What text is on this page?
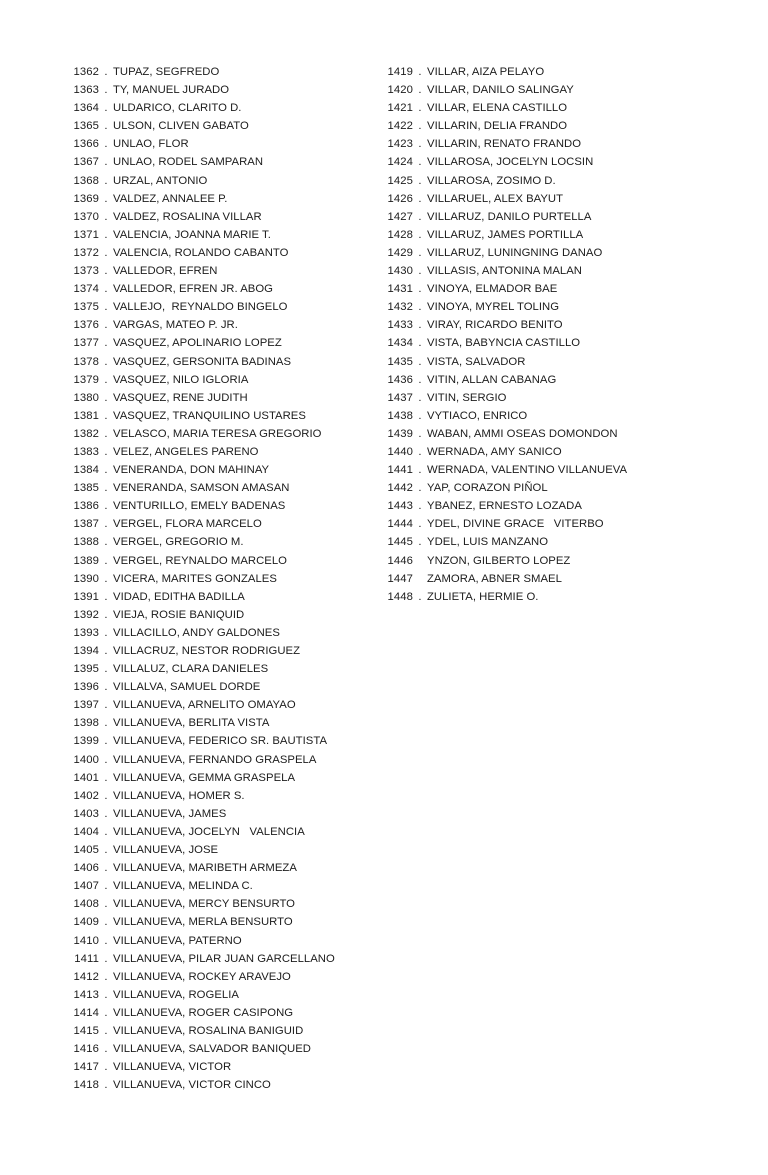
1362 . TUPAZ, SEGFREDO
1363 . TY, MANUEL JURADO
1364 . ULDARICO, CLARITO D.
1365 . ULSON, CLIVEN GABATO
1366 . UNLAO, FLOR
1367 . UNLAO, RODEL SAMPARAN
1368 . URZAL, ANTONIO
1369 . VALDEZ, ANNALEE P.
1370 . VALDEZ, ROSALINA VILLAR
1371 . VALENCIA, JOANNA MARIE T.
1372 . VALENCIA, ROLANDO CABANTO
1373 . VALLEDOR, EFREN
1374 . VALLEDOR, EFREN JR. ABOG
1375 . VALLEJO,  REYNALDO BINGELO
1376 . VARGAS, MATEO P. JR.
1377 . VASQUEZ, APOLINARIO LOPEZ
1378 . VASQUEZ, GERSONITA BADINAS
1379 . VASQUEZ, NILO IGLORIA
1380 . VASQUEZ, RENE JUDITH
1381 . VASQUEZ, TRANQUILINO USTARES
1382 . VELASCO, MARIA TERESA GREGORIO
1383 . VELEZ, ANGELES PARENO
1384 . VENERANDA, DON MAHINAY
1385 . VENERANDA, SAMSON AMASAN
1386 . VENTURILLO, EMELY BADENAS
1387 . VERGEL, FLORA MARCELO
1388 . VERGEL, GREGORIO M.
1389 . VERGEL, REYNALDO MARCELO
1390 . VICERA, MARITES GONZALES
1391 . VIDAD, EDITHA BADILLA
1392 . VIEJA, ROSIE BANIQUID
1393 . VILLACILLO, ANDY GALDONES
1394 . VILLACRUZ, NESTOR RODRIGUEZ
1395 . VILLALUZ, CLARA DANIELES
1396 . VILLALVA, SAMUEL DORDE
1397 . VILLANUEVA, ARNELITO OMAYAO
1398 . VILLANUEVA, BERLITA VISTA
1399 . VILLANUEVA, FEDERICO SR. BAUTISTA
1400 . VILLANUEVA, FERNANDO GRASPELA
1401 . VILLANUEVA, GEMMA GRASPELA
1402 . VILLANUEVA, HOMER S.
1403 . VILLANUEVA, JAMES
1404 . VILLANUEVA, JOCELYN   VALENCIA
1405 . VILLANUEVA, JOSE
1406 . VILLANUEVA, MARIBETH ARMEZA
1407 . VILLANUEVA, MELINDA C.
1408 . VILLANUEVA, MERCY BENSURTO
1409 . VILLANUEVA, MERLA BENSURTO
1410 . VILLANUEVA, PATERNO
1411 . VILLANUEVA, PILAR JUAN GARCELLANO
1412 . VILLANUEVA, ROCKEY ARAVEJO
1413 . VILLANUEVA, ROGELIA
1414 . VILLANUEVA, ROGER CASIPONG
1415 . VILLANUEVA, ROSALINA BANIGUID
1416 . VILLANUEVA, SALVADOR BANIQUED
1417 . VILLANUEVA, VICTOR
1418 . VILLANUEVA, VICTOR CINCO
1419 . VILLAR, AIZA PELAYO
1420 . VILLAR, DANILO SALINGAY
1421 . VILLAR, ELENA CASTILLO
1422 . VILLARIN, DELIA FRANDO
1423 . VILLARIN, RENATO FRANDO
1424 . VILLAROSA, JOCELYN LOCSIN
1425 . VILLAROSA, ZOSIMO D.
1426 . VILLARUEL, ALEX BAYUT
1427 . VILLARUZ, DANILO PURTELLA
1428 . VILLARUZ, JAMES PORTILLA
1429 . VILLARUZ, LUNINGNING DANAO
1430 . VILLASIS, ANTONINA MALAN
1431 . VINOYA, ELMADOR BAE
1432 . VINOYA, MYREL TOLING
1433 . VIRAY, RICARDO BENITO
1434 . VISTA, BABYNCIA CASTILLO
1435 . VISTA, SALVADOR
1436 . VITIN, ALLAN CABANAG
1437 . VITIN, SERGIO
1438 . VYTIACO, ENRICO
1439 . WABAN, AMMI OSEAS DOMONDON
1440 . WERNADA, AMY SANICO
1441 . WERNADA, VALENTINO VILLANUEVA
1442 . YAP, CORAZON PIÑOL
1443 . YBANEZ, ERNESTO LOZADA
1444 . YDEL, DIVINE GRACE   VITERBO
1445 . YDEL, LUIS MANZANO
1446 YNZON, GILBERTO LOPEZ
1447 ZAMORA, ABNER SMAEL
1448 . ZULIETA, HERMIE O.
